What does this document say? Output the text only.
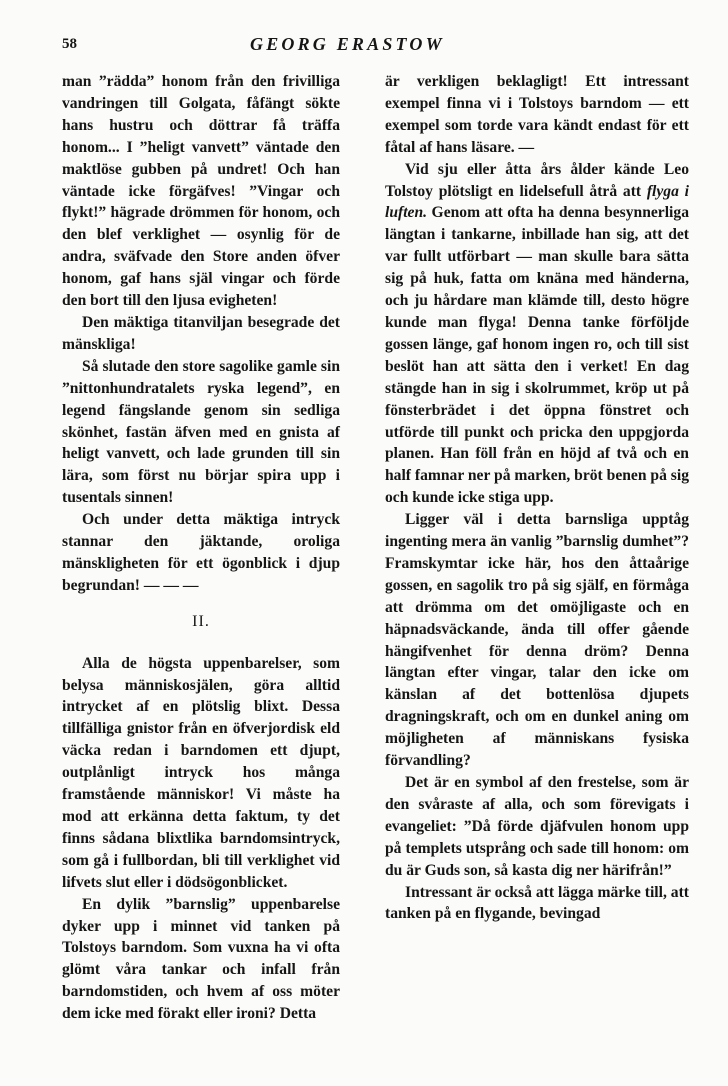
58	GEORG ERASTOW

man ”rädda” honom från den frivilliga vandringen till Golgata, fåfängt sökte hans hustru och döttrar få träffa honom... I ”heligt vanvett” väntade den maktlöse gubben på undret! Och han väntade icke förgäfves! ”Vingar och flykt!” hägrade drömmen för honom, och den blef verklighet — osynlig för de andra, sväfvade den Store anden öfver honom, gaf hans själ vingar och förde den bort till den ljusa evigheten!

Den mäktiga titanviljan besegrade det mänskliga!

Så slutade den store sagolike gamle sin ”nittonhundratalets ryska legend”, en legend fängslande genom sin sedliga skönhet, fastän äfven med en gnista af heligt vanvett, och lade grunden till sin lära, som först nu börjar spira upp i tusentals sinnen!

Och under detta mäktiga intryck stannar den jäktande, oroliga mänskligheten för ett ögonblick i djup begrundan! — — —

II.

Alla de högsta uppenbarelser, som belysa människosjälen, göra alltid intrycket af en plötslig blixt. Dessa tillfälliga gnistor från en öfverjordisk eld väcka redan i barndomen ett djupt, outplånligt intryck hos många framstående människor! Vi måste ha mod att erkänna detta faktum, ty det finns sådana blixtlika barndomsintryck, som gå i fullbordan, bli till verklighet vid lifvets slut eller i dödsögonblicket.

En dylik ”barnslig” uppenbarelse dyker upp i minnet vid tanken på Tolstoys barndom. Som vuxna ha vi ofta glömt våra tankar och infall från barndomstiden, och hvem af oss möter dem icke med förakt eller ironi? Detta

är verkligen beklagligt! Ett intressant exempel finna vi i Tolstoys barndom — ett exempel som torde vara kändt endast för ett fåtal af hans läsare. —

Vid sju eller åtta års ålder kände Leo Tolstoy plötsligt en lidelsefull åtrå att flyga i luften. Genom att ofta ha denna besynnerliga längtan i tankarne, inbillade han sig, att det var fullt utförbart — man skulle bara sätta sig på huk, fatta om knäna med händerna, och ju hårdare man klämde till, desto högre kunde man flyga! Denna tanke förföljde gossen länge, gaf honom ingen ro, och till sist beslöt han att sätta den i verket! En dag stängde han in sig i skolrummet, kröp ut på fönsterbrädet i det öppna fönstret och utförde till punkt och pricka den uppgjorda planen. Han föll från en höjd af två och en half famnar ner på marken, bröt benen på sig och kunde icke stiga upp.

Ligger väl i detta barnsliga upptåg ingenting mera än vanlig ”barnslig dumhet”? Framskymtar icke här, hos den åttaårige gossen, en sagolik tro på sig själf, en förmåga att drömma om det omöjligaste och en häpnadsväckande, ända till offer gående hängifvenhet för denna dröm? Denna längtan efter vingar, talar den icke om känslan af det bottenlösa djupets dragningskraft, och om en dunkel aning om möjligheten af människans fysiska förvandling?

Det är en symbol af den frestelse, som är den svåraste af alla, och som förevigats i evangeliet: ”Då förde djäfvulen honom upp på templets utsprång och sade till honom: om du är Guds son, så kasta dig ner härifrån!”

Intressant är också att lägga märke till, att tanken på en flygande, bevingad
